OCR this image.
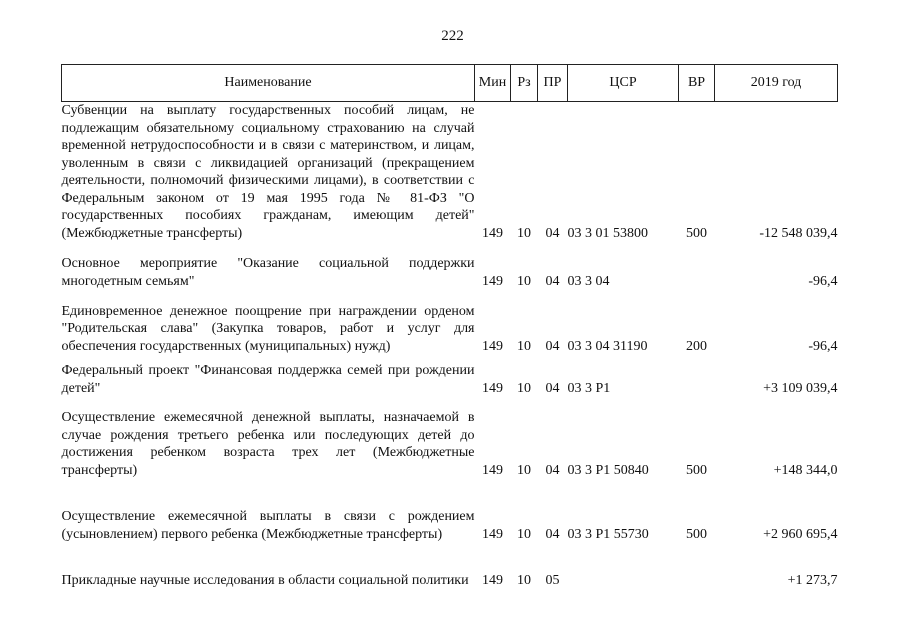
222
Наименование	Мин	Рз	ПР	ЦСР	ВР	2019 год
Субвенции на выплату государственных пособий лицам, не подлежащим обязательному социальному страхованию на случай временной нетрудоспособности и в связи с материнством, и лицам, уволенным в связи с ликвидацией организаций (прекращением деятельности, полномочий физическими лицами), в соответствии с Федеральным законом от 19 мая 1995 года № 81-ФЗ "О государственных пособиях гражданам, имеющим детей" (Межбюджетные трансферты)	149	10	04	03 3 01 53800	500	-12 548 039,4
Основное мероприятие "Оказание социальной поддержки многодетным семьям"	149	10	04	03 3 04		-96,4
Единовременное денежное поощрение при награждении орденом "Родительская слава" (Закупка товаров, работ и услуг для обеспечения государственных (муниципальных) нужд)	149	10	04	03 3 04 31190	200	-96,4
Федеральный проект "Финансовая поддержка семей при рождении детей"	149	10	04	03 3 Р1		+3 109 039,4
Осуществление ежемесячной денежной выплаты, назначаемой в случае рождения третьего ребенка или последующих детей до достижения ребенком возраста трех лет (Межбюджетные трансферты)	149	10	04	03 3 Р1 50840	500	+148 344,0
Осуществление ежемесячной выплаты в связи с рождением (усыновлением) первого ребенка (Межбюджетные трансферты)	149	10	04	03 3 Р1 55730	500	+2 960 695,4
Прикладные научные исследования в области социальной политики	149	10	05			+1 273,7
